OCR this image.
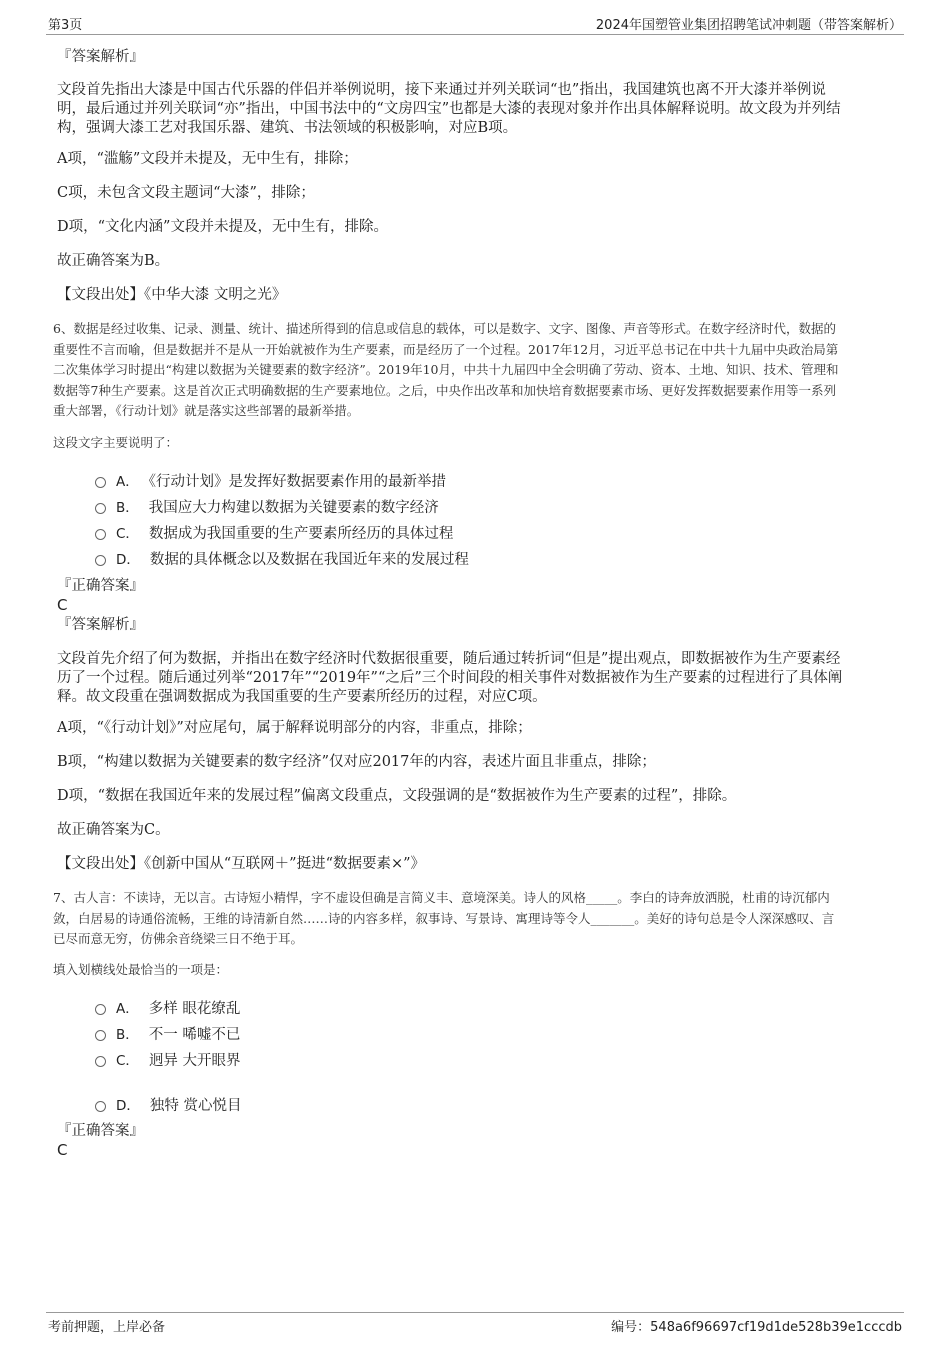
第3页	2024年国塑管业集团招聘笔试冲刺题（带答案解析）
『答案解析』

文段首先指出大漆是中国古代乐器的伴侣并举例说明，接下来通过并列关联词“也”指出，我国建筑也离不开大漆并举例说

明，最后通过并列关联词“亦”指出，中国书法中的“文房四宝”也都是大漆的表现对象并作出具体解释说明。故文段为并列结

构，强调大漆工艺对我国乐器、建筑、书法领域的积极影响，对应B项。

A项，“滥觞”文段并未提及，无中生有，排除；

C项，未包含文段主题词“大漆”，排除；

D项，“文化内涵”文段并未提及，无中生有，排除。

故正确答案为B。

【文段出处】《中华大漆 文明之光》

6、数据是经过收集、记录、测量、统计、描述所得到的信息或信息的载体，可以是数字、文字、图像、声音等形式。在数字经济时代，数据的

重要性不言而喻，但是数据并不是从一开始就被作为生产要素，而是经历了一个过程。2017年12月，习近平总书记在中共十九届中央政治局第

二次集体学习时提出“构建以数据为关键要素的数字经济”。2019年10月，中共十九届四中全会明确了劳动、资本、土地、知识、技术、管理和

数据等7种生产要素。这是首次正式明确数据的生产要素地位。之后，中央作出改革和加快培育数据要素市场、更好发挥数据要素作用等一系列

重大部署，《行动计划》就是落实这些部署的最新举措。

这段文字主要说明了：

A． 《行动计划》是发挥好数据要素作用的最新举措
B． 我国应大力构建以数据为关键要素的数字经济
C． 数据成为我国重要的生产要素所经历的具体过程
D． 数据的具体概念以及数据在我国近年来的发展过程

『正确答案』

C

『答案解析』

文段首先介绍了何为数据，并指出在数字经济时代数据很重要，随后通过转折词“但是”提出观点，即数据被作为生产要素经

历了一个过程。随后通过列举“2017年”“2019年”“之后”三个时间段的相关事件对数据被作为生产要素的过程进行了具体阐

释。故文段重在强调数据成为我国重要的生产要素所经历的过程，对应C项。

A项，“《行动计划》”对应尾句，属于解释说明部分的内容，非重点，排除；

B项，“构建以数据为关键要素的数字经济”仅对应2017年的内容，表述片面且非重点，排除；

D项，“数据在我国近年来的发展过程”偏离文段重点，文段强调的是“数据被作为生产要素的过程”，排除。

故正确答案为C。

【文段出处】《创新中国从“互联网＋”挺进“数据要素×”》

7、古人言：不读诗，无以言。古诗短小精悍，字不虚设但确是言简义丰、意境深美。诗人的风格_____。李白的诗奔放洒脱，杜甫的诗沉郁内

敛，白居易的诗通俗流畅，王维的诗清新自然……诗的内容多样，叙事诗、写景诗、寓理诗等令人_______。美好的诗句总是令人深深感叹、言

已尽而意无穷，仿佛余音绕梁三日不绝于耳。

填入划横线处最恰当的一项是：

A． 多样 眼花缭乱
B． 不一 唏嘘不已
C． 迥异 大开眼界
D． 独特 赏心悦目

『正确答案』

C

考前押题，上岸必备	编号：548a6f96697cf19d1de528b39e1cccdb
